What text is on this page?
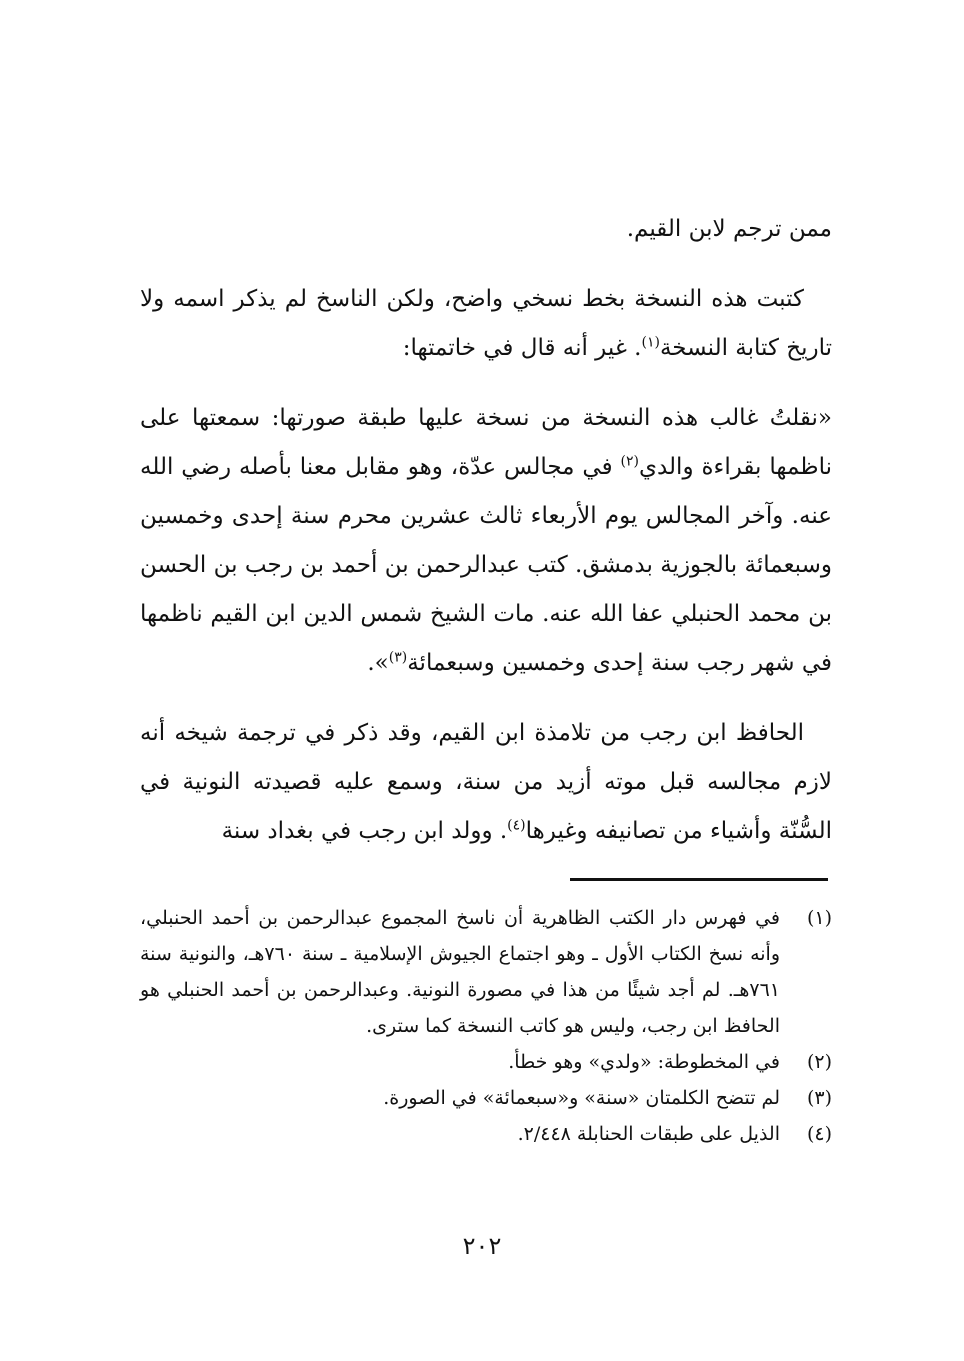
ممن ترجم لابن القيم.

كتبت هذه النسخة بخط نسخي واضح، ولكن الناسخ لم يذكر اسمه ولا تاريخ كتابة النسخة$^{(١)}$. غير أنه قال في خاتمتها:

«نقلتُ غالب هذه النسخة من نسخة عليها طبقة صورتها: سمعتها على ناظمها بقراءة والدي$^{(٢)}$ في مجالس عدّة، وهو مقابل معنا بأصله رضي الله عنه. وآخر المجالس يوم الأربعاء ثالث عشرين محرم سنة إحدى وخمسين وسبعمائة بالجوزية بدمشق. كتب عبدالرحمن بن أحمد بن رجب بن الحسن بن محمد الحنبلي عفا الله عنه. مات الشيخ شمس الدين ابن القيم ناظمها في شهر رجب سنة إحدى وخمسين وسبعمائة$^{(٣)}$».

الحافظ ابن رجب من تلامذة ابن القيم، وقد ذكر في ترجمة شيخه أنه لازم مجالسه قبل موته أزيد من سنة، وسمع عليه قصيدته النونية في السُّنّة وأشياء من تصانيفه وغيرها$^{(٤)}$. وولد ابن رجب في بغداد سنة

(١)
في فهرس دار الكتب الظاهرية أن ناسخ المجموع عبدالرحمن بن أحمد الحنبلي، وأنه نسخ الكتاب الأول ـ وهو اجتماع الجيوش الإسلامية ـ سنة ٧٦٠هـ، والنونية سنة ٧٦١هـ. لم أجد شيئًا من هذا في مصورة النونية. وعبدالرحمن بن أحمد الحنبلي هو الحافظ ابن رجب، وليس هو كاتب النسخة كما سترى.
(٢)
في المخطوطة: «ولدي» وهو خطأ.
(٣)
لم تتضح الكلمتان «سنة» و«سبعمائة» في الصورة.
(٤)
الذيل على طبقات الحنابلة ٢/٤٤٨.
٢٠٢
